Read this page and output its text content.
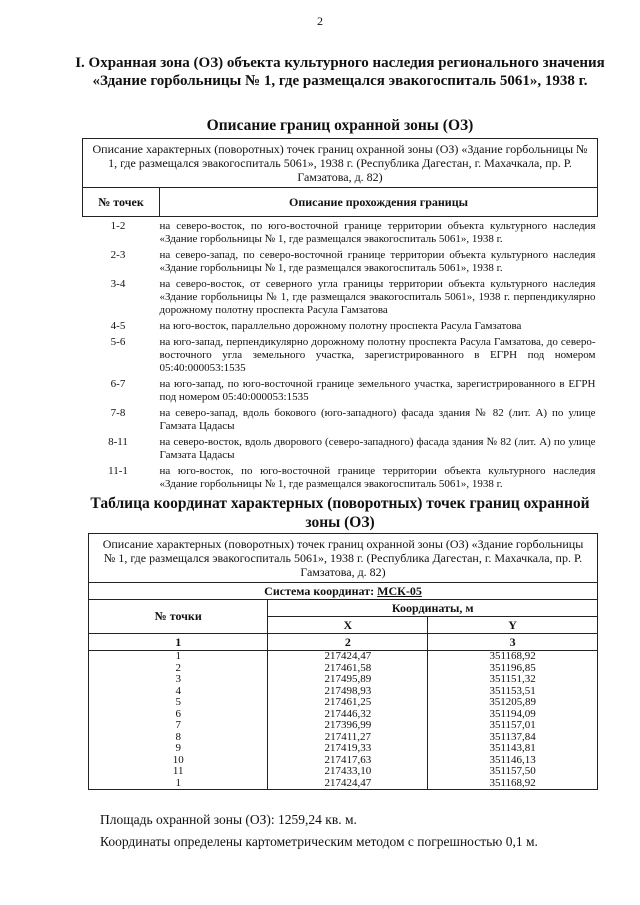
2
I. Охранная зона (ОЗ) объекта культурного наследия регионального значения «Здание горбольницы № 1, где размещался эвакогоспиталь 5061», 1938 г.
Описание границ охранной зоны (ОЗ)
Описание характерных (поворотных) точек границ охранной зоны (ОЗ) «Здание горбольницы № 1, где размещался эвакогоспиталь 5061», 1938 г. (Республика Дагестан, г. Махачкала, пр. Р. Гамзатова, д. 82)	
№ точек	Описание прохождения границы

1-2	на северо-восток, по юго-восточной границе территории объекта культурного наследия «Здание горбольницы № 1, где размещался эвакогоспиталь 5061», 1938 г.
2-3	на северо-запад, по северо-восточной границе территории объекта культурного наследия «Здание горбольницы № 1, где размещался эвакогоспиталь 5061», 1938 г.
3-4	на северо-восток, от северного угла границы территории объекта культурного наследия «Здание горбольницы № 1, где размещался эвакогоспиталь 5061», 1938 г. перпендикулярно дорожному полотну проспекта Расула Гамзатова
4-5	на юго-восток, параллельно дорожному полотну проспекта Расула Гамзатова
5-6	на юго-запад, перпендикулярно дорожному полотну проспекта Расула Гамзатова, до северо-восточного угла земельного участка, зарегистрированного в ЕГРН под номером 05:40:000053:1535
6-7	на юго-запад, по юго-восточной границе земельного участка, зарегистрированного в ЕГРН под номером 05:40:000053:1535
7-8	на северо-запад, вдоль бокового (юго-западного) фасада здания № 82 (лит. А) по улице Гамзата Цадасы
8-11	на северо-восток, вдоль дворового (северо-западного) фасада здания № 82 (лит. А) по улице Гамзата Цадасы
11-1	на юго-восток, по юго-восточной границе территории объекта культурного наследия «Здание горбольницы № 1, где размещался эвакогоспиталь 5061», 1938 г.
Таблица координат характерных (поворотных) точек границ охранной зоны (ОЗ)
Описание характерных (поворотных) точек границ охранной зоны (ОЗ) «Здание горбольницы № 1, где размещался эвакогоспиталь 5061», 1938 г. (Республика Дагестан, г. Махачкала, пр. Р. Гамзатова, д. 82)		
Система координат: МСК-05		
№ точки	Координаты, м	
	X	Y
1	2	3
1	217424,47	351168,92
2	217461,58	351196,85
3	217495,89	351151,32
4	217498,93	351153,51
5	217461,25	351205,89
6	217446,32	351194,09
7	217396,99	351157,01
8	217411,27	351137,84
9	217419,33	351143,81
10	217417,63	351146,13
11	217433,10	351157,50
1	217424,47	351168,92
Площадь охранной зоны (ОЗ): 1259,24 кв. м.
Координаты определены картометрическим методом с погрешностью 0,1 м.
